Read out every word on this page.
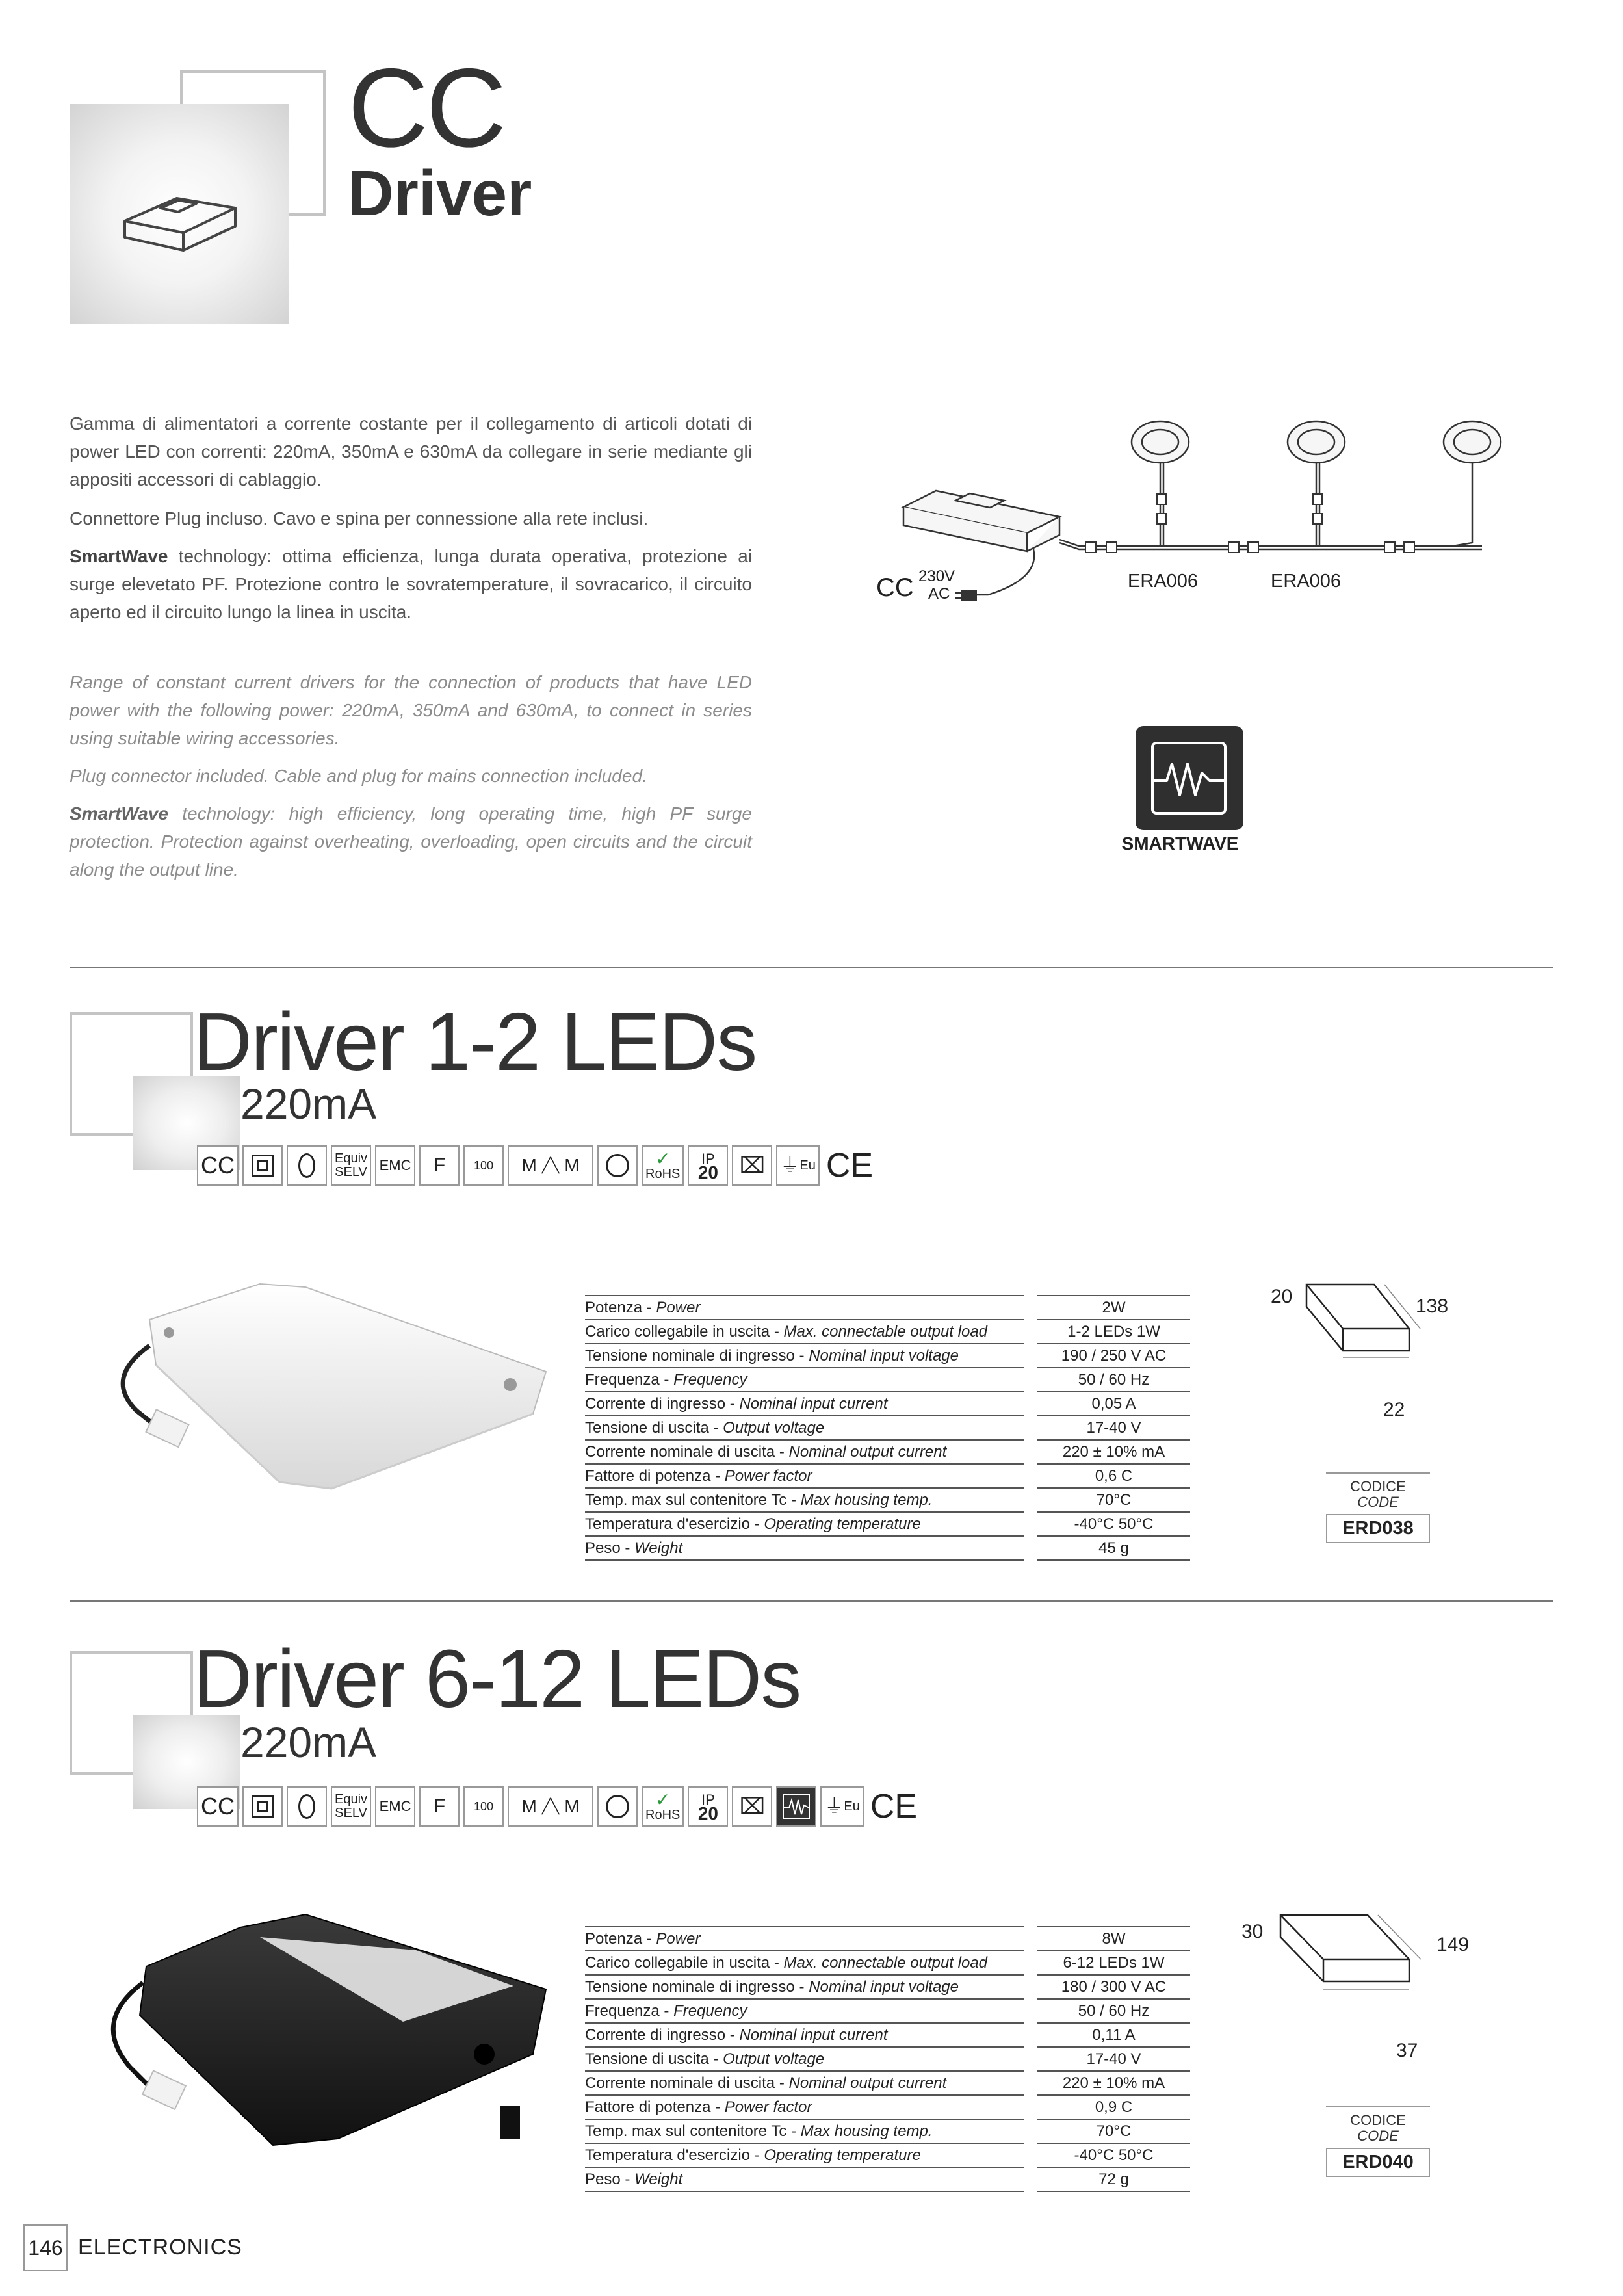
CC
Driver

Gamma di alimentatori a corrente costante per il collegamento di articoli dotati di power LED con correnti: 220mA, 350mA e 630mA da collegare in serie mediante gli appositi accessori di cablaggio.

Connettore Plug incluso. Cavo e spina per connessione alla rete inclusi.

SmartWave technology: ottima efficienza, lunga durata operativa, protezione ai surge elevetato PF. Protezione contro le sovratemperature, il sovracarico, il circuito aperto ed il circuito lungo la linea in uscita.

Range of constant current drivers for the connection of products that have LED power with the following power: 220mA, 350mA and 630mA, to connect in series using suitable wiring accessories.

Plug connector included. Cable and plug for mains connection included.

SmartWave technology: high efficiency, long operating time, high PF surge protection. Protection against overheating, overloading, open circuits and the circuit along the output line.

CC 230V
AC
ERA006	ERA006
SMARTWAVE
Driver 1-2 LEDs
220mA
CC	Equiv
SELV EMC F 100 M ╱╲ M	✓
RoHS
IP
20 ⌧ ⏚ Eu CE
Potenza - Power		2W
Carico collegabile in uscita - Max. connectable output load		1-2 LEDs 1W
Tensione nominale di ingresso - Nominal input voltage		190 / 250 V AC
Frequenza - Frequency		50 / 60 Hz
Corrente di ingresso - Nominal input current		0,05 A
Tensione di uscita - Output voltage		17-40 V
Corrente nominale di uscita - Nominal output current		220 ± 10% mA
Fattore di potenza - Power factor		0,6 C
Temp. max sul contenitore Tc - Max housing temp.		70°C
Temperatura d'esercizio - Operating temperature		-40°C 50°C
Peso - Weight		45 g
20	138
22
CODICE
CODE
ERD038
Driver 6-12 LEDs
220mA
CC	Equiv
SELV EMC F 100 M ╱╲ M	✓
RoHS
IP
20 ⌧	⏚ Eu CE
Potenza - Power		8W
Carico collegabile in uscita - Max. connectable output load		6-12 LEDs 1W
Tensione nominale di ingresso - Nominal input voltage		180 / 300 V AC
Frequenza - Frequency		50 / 60 Hz
Corrente di ingresso - Nominal input current		0,11 A
Tensione di uscita - Output voltage		17-40 V
Corrente nominale di uscita - Nominal output current		220 ± 10% mA
Fattore di potenza - Power factor		0,9 C
Temp. max sul contenitore Tc - Max housing temp.		70°C
Temperatura d'esercizio - Operating temperature		-40°C 50°C
Peso - Weight		72 g
30
149
37
CODICE
CODE
ERD040
146 ELECTRONICS
